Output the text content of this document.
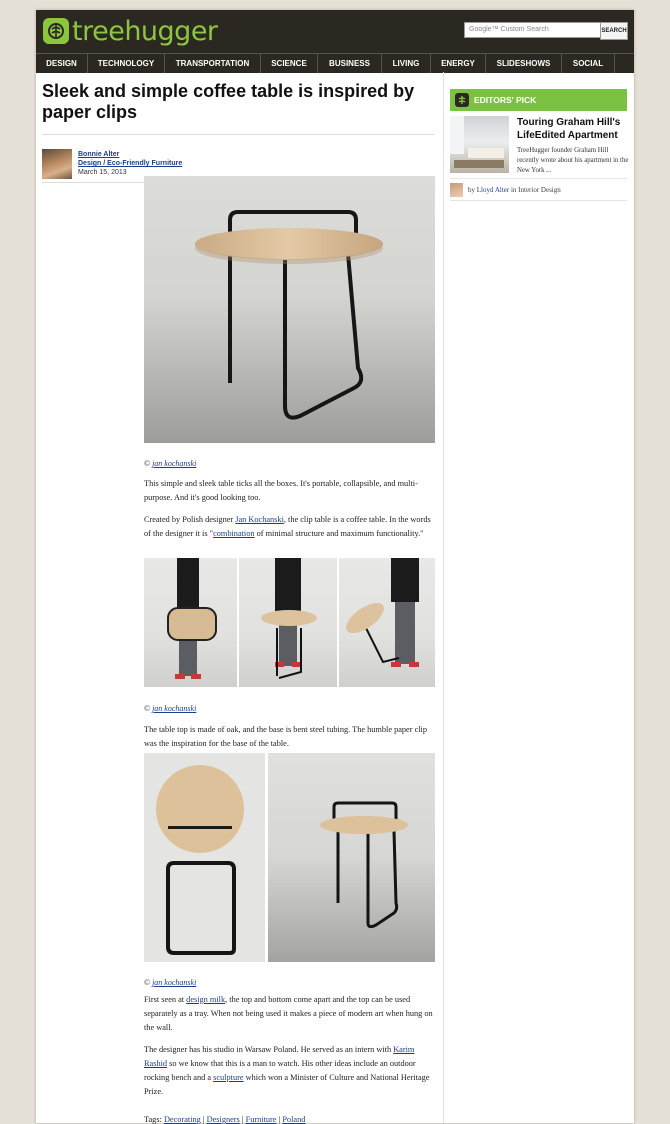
treehugger	Google™ Custom Search	SEARCH
DESIGN	TECHNOLOGY	TRANSPORTATION	SCIENCE	BUSINESS	LIVING	ENERGY	SLIDESHOWS	SOCIAL
Sleek and simple coffee table is inspired by paper clips
Bonnie Alter
Design / Eco-Friendly Furniture
March 15, 2013
© jan kochanski

This simple and sleek table ticks all the boxes. It's portable, collapsible, and multi-purpose. And it's good looking too.

Created by Polish designer Jan Kochanski, the clip table is a coffee table. In the words of the designer it is "combination of minimal structure and maximum functionality."

© jan kochanski

The table top is made of oak, and the base is bent steel tubing. The humble paper clip was the inspiration for the base of the table.

© jan kochanski

First seen at design milk, the top and bottom come apart and the top can be used separately as a tray. When not being used it makes a piece of modern art when hung on the wall.

The designer has his studio in Warsaw Poland. He served as an intern with Karim Rashid so we know that this is a man to watch. His other ideas include an outdoor rocking bench and a sculpture which won a Minister of Culture and National Heritage Prize.

Tags: Decorating | Designers | Furniture | Poland
EDITORS' PICK
Touring Graham Hill's LifeEdited Apartment
TreeHugger founder Graham Hill recently wrote about his apartment in the New York ...
by Lloyd Alter in Interior Design
